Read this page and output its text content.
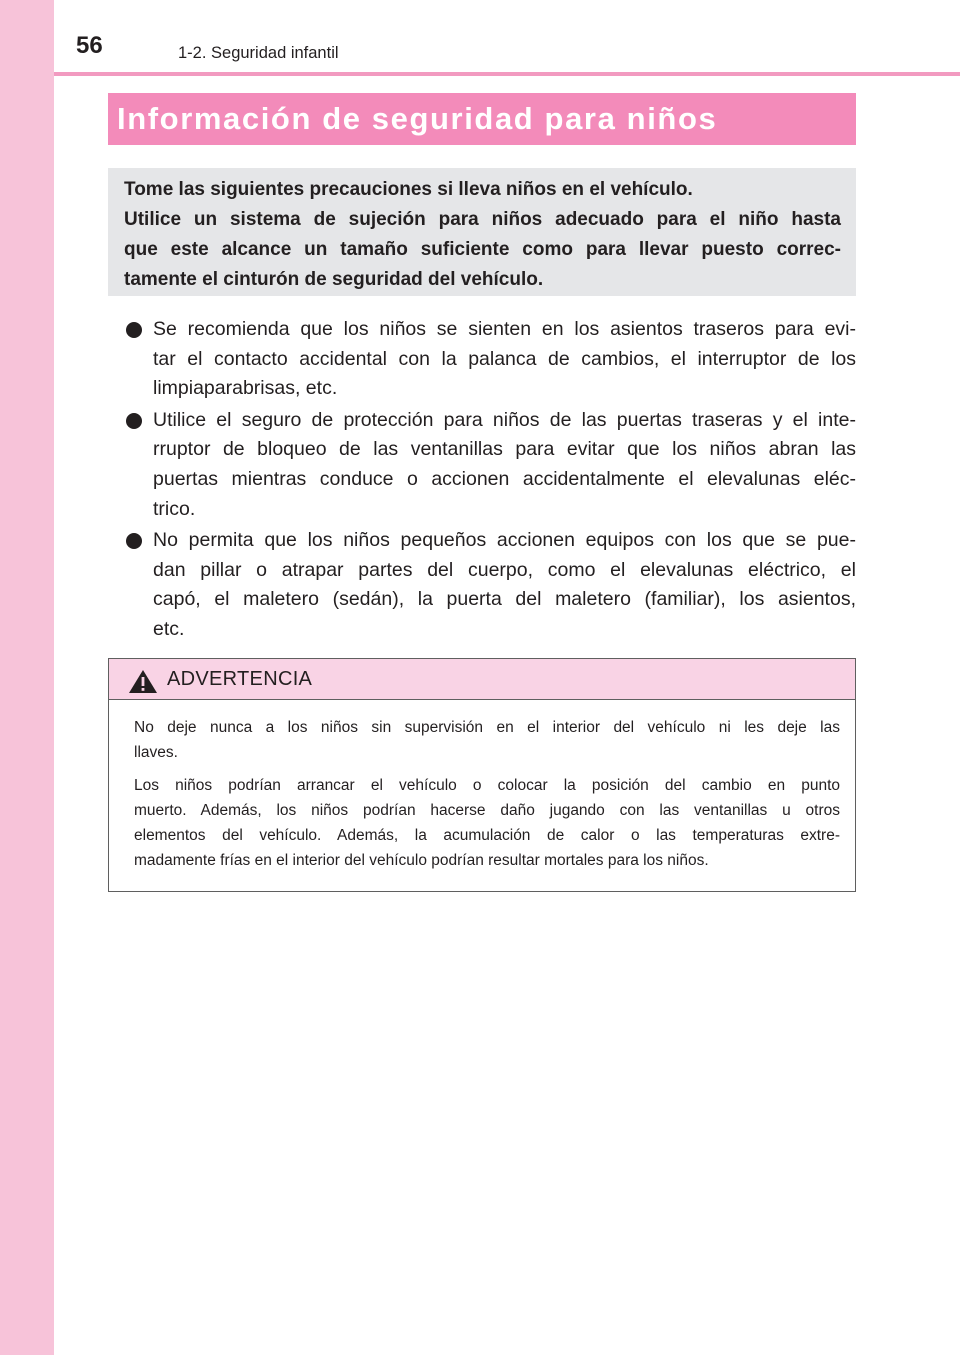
56	1-2. Seguridad infantil
Información de seguridad para niños
Tome las siguientes precauciones si lleva niños en el vehículo.
Utilice un sistema de sujeción para niños adecuado para el niño hasta
que este alcance un tamaño suficiente como para llevar puesto correc-
tamente el cinturón de seguridad del vehículo.
Se recomienda que los niños se sienten en los asientos traseros para evi-
tar el contacto accidental con la palanca de cambios, el interruptor de los
limpiaparabrisas, etc.
Utilice el seguro de protección para niños de las puertas traseras y el inte-
rruptor de bloqueo de las ventanillas para evitar que los niños abran las
puertas mientras conduce o accionen accidentalmente el elevalunas eléc-
trico.
No permita que los niños pequeños accionen equipos con los que se pue-
dan pillar o atrapar partes del cuerpo, como el elevalunas eléctrico, el
capó, el maletero (sedán), la puerta del maletero (familiar), los asientos,
etc.
ADVERTENCIA
No deje nunca a los niños sin supervisión en el interior del vehículo ni les deje las
llaves.
Los niños podrían arrancar el vehículo o colocar la posición del cambio en punto
muerto. Además, los niños podrían hacerse daño jugando con las ventanillas u otros
elementos del vehículo. Además, la acumulación de calor o las temperaturas extre-
madamente frías en el interior del vehículo podrían resultar mortales para los niños.
